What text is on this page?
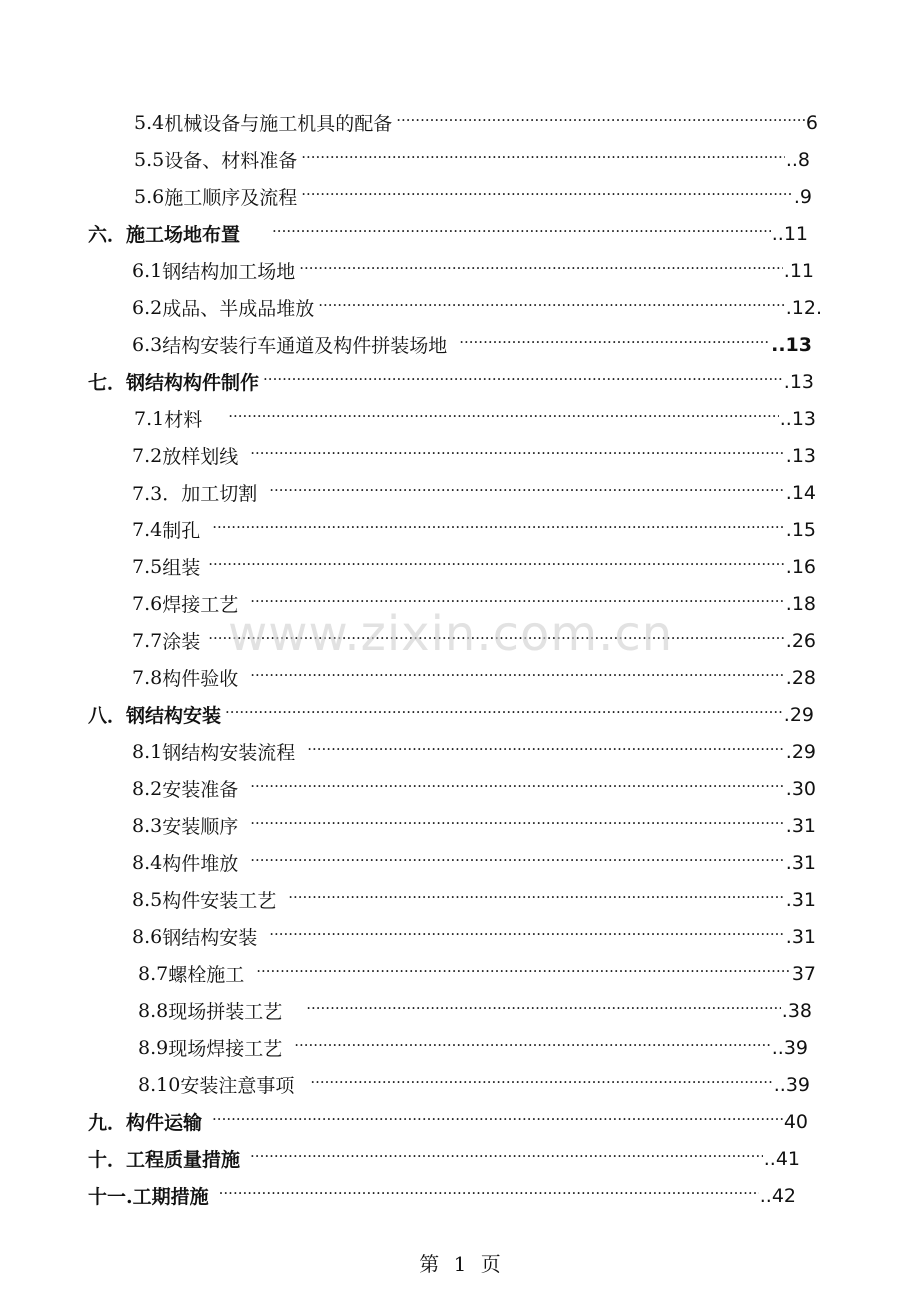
5.4 机械设备与施工机具的配备 ·····	6
5.5 设备、材料准备 ·····	..8
5.6 施工顺序及流程 ·····	.9
六． 施工场地布置 ·····	..11
6.1 钢结构加工场地 ·····	.11
6.2 成品、半成品堆放 ·····	.12.
6.3 结构安装行车通道及构件拼装场地 ·····	..13
七． 钢结构构件制作 ·····	.13
7.1 材料 ·····	..13
7.2 放样划线 ·····	.13
7.3． 加工切割 ·····	.14
7.4 制孔 ·····	.15
7.5 组装 ·····	.16
7.6 焊接工艺 ·····	.18
7.7 涂装 ·····	.26
7.8 构件验收 ·····	.28
八． 钢结构安装 ·····	.29
8.1 钢结构安装流程 ·····	.29
8.2 安装准备 ·····	.30
8.3 安装顺序 ·····	.31
8.4 构件堆放 ·····	.31
8.5 构件安装工艺 ·····	.31
8.6 钢结构安装 ·····	.31
8.7 螺栓施工 ·····	37
8.8 现场拼装工艺 ·····	.38
8.9 现场焊接工艺 ·····	..39
8.10 安装注意事项 ·····	..39
九． 构件运输 ·····	40
十． 工程质量措施 ·····	..41
十一. 工期措施 ·····	..42
www.zixin.com.cn
第 1 页
